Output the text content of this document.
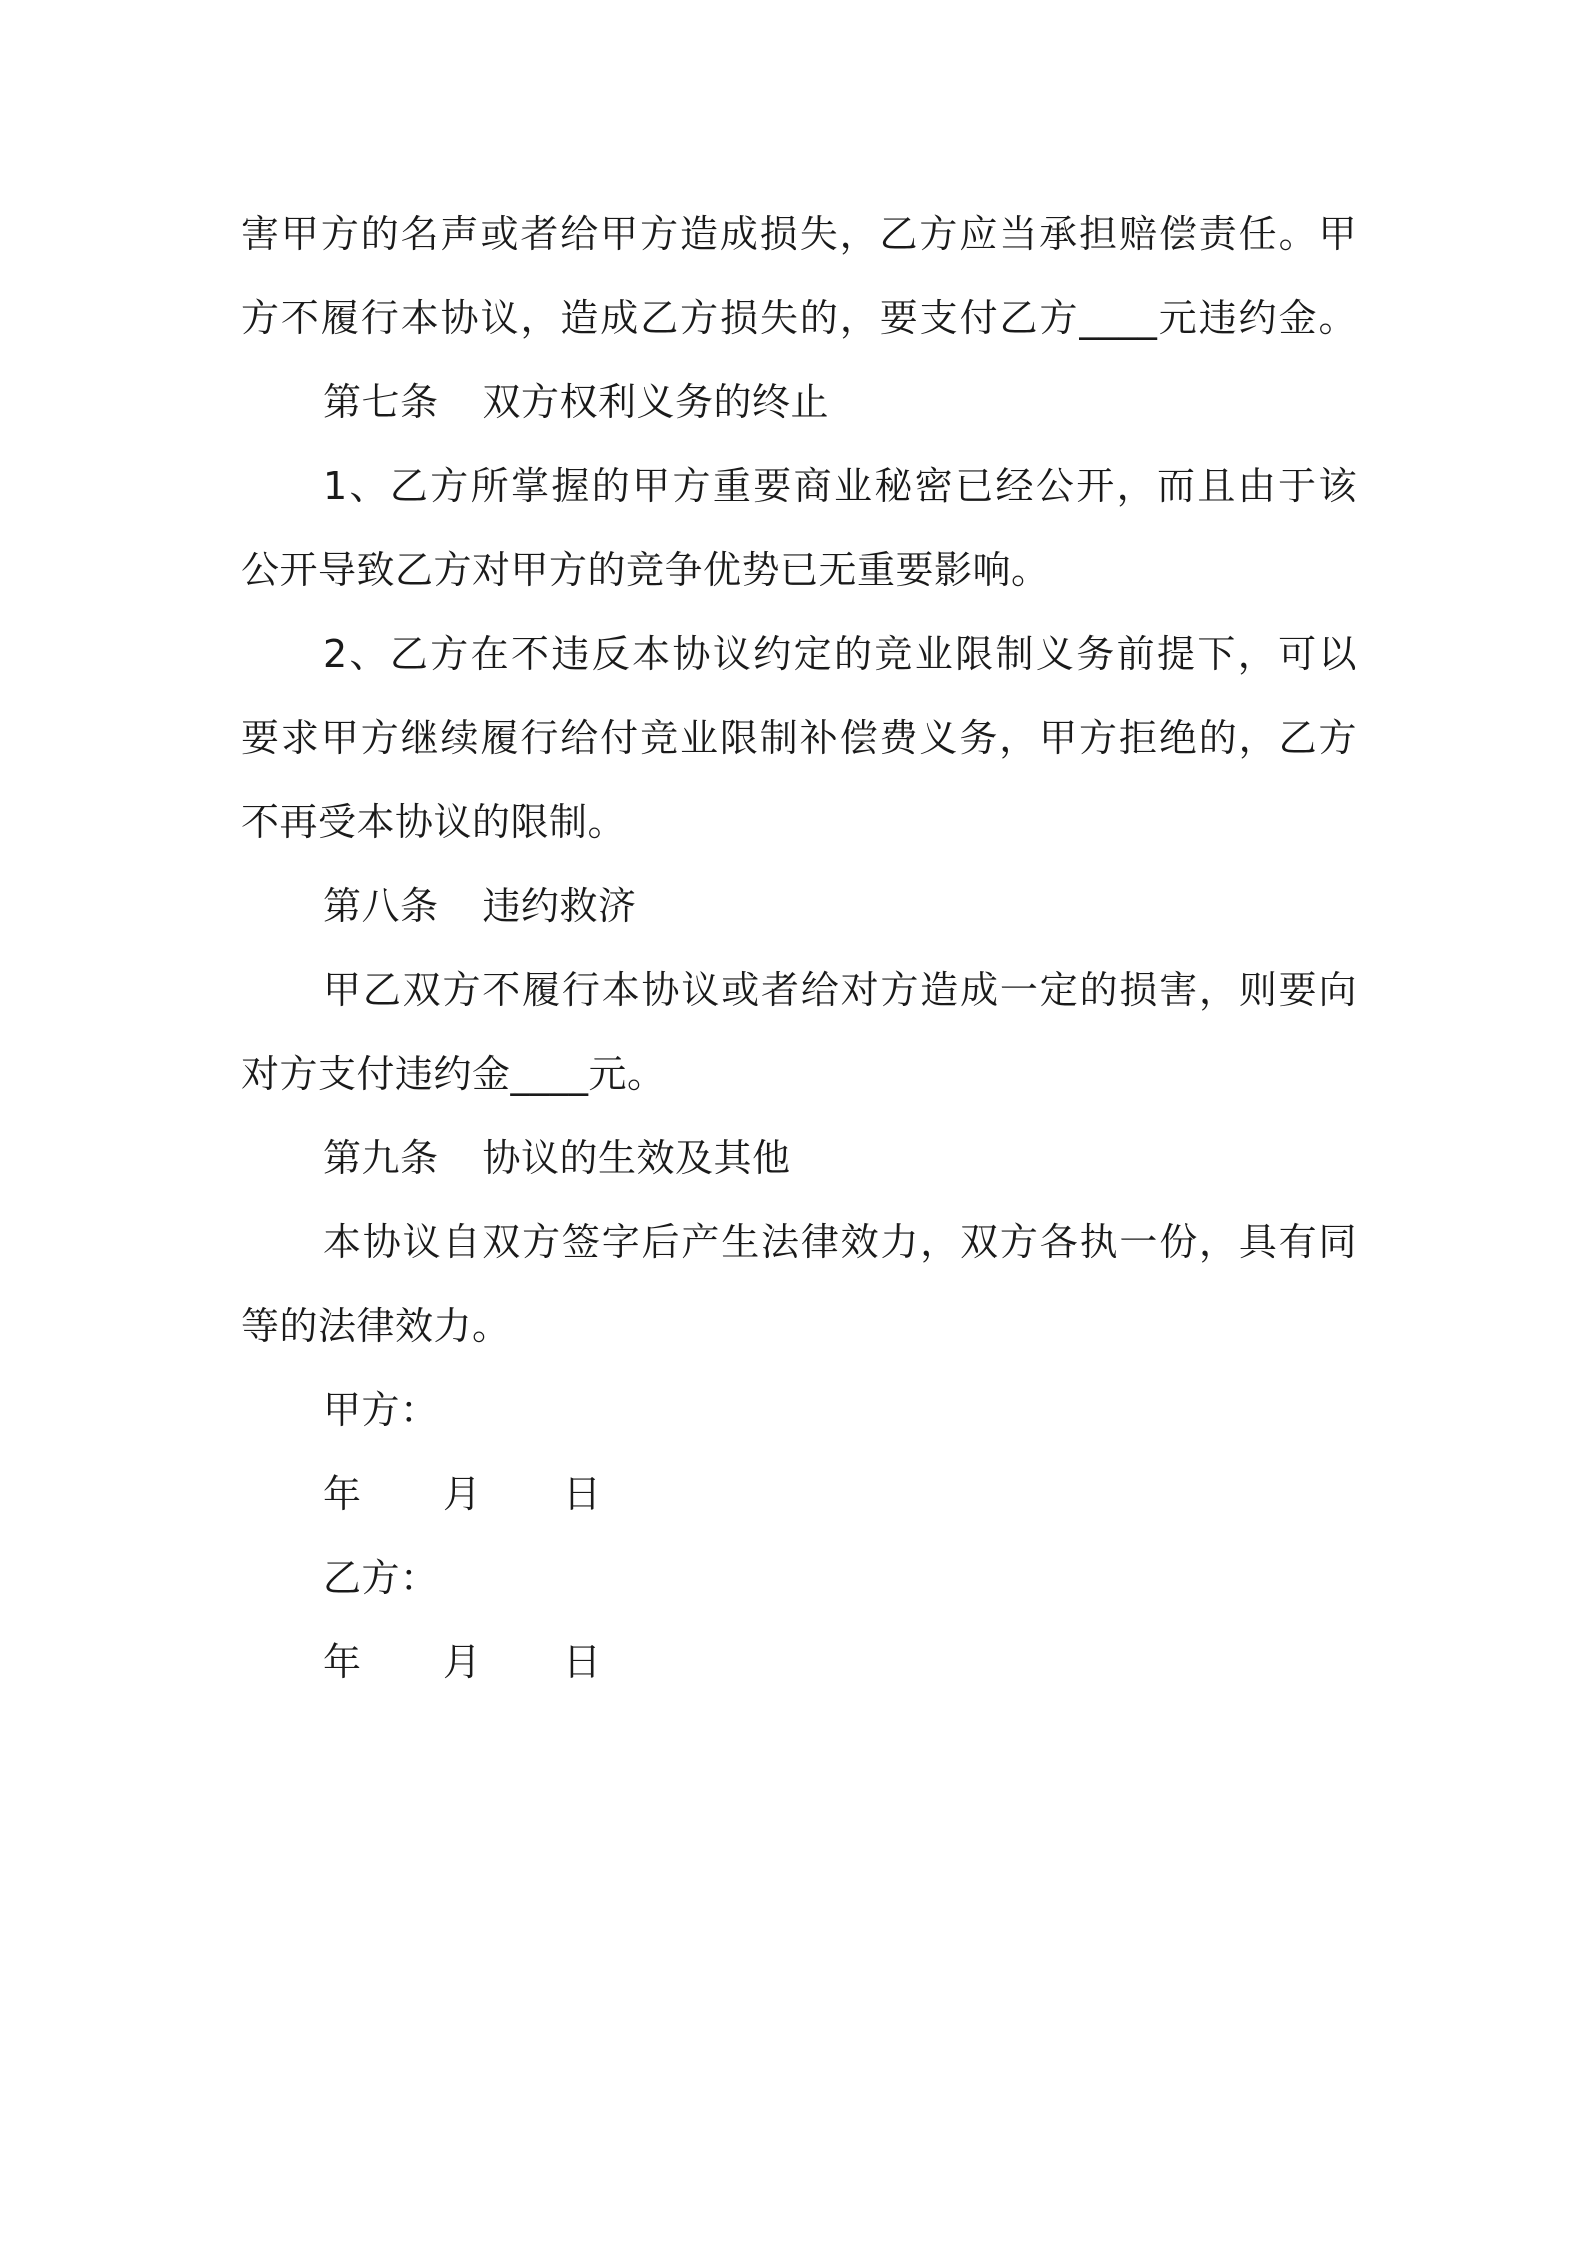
害甲方的名声或者给甲方造成损失，乙方应当承担赔偿责任。甲
方不履行本协议，造成乙方损失的，要支付乙方____元违约金。
第七条 双方权利义务的终止
1、乙方所掌握的甲方重要商业秘密已经公开，而且由于该
公开导致乙方对甲方的竞争优势已无重要影响。
2、乙方在不违反本协议约定的竞业限制义务前提下，可以
要求甲方继续履行给付竞业限制补偿费义务，甲方拒绝的，乙方
不再受本协议的限制。
第八条 违约救济
甲乙双方不履行本协议或者给对方造成一定的损害，则要向
对方支付违约金____元。
第九条 协议的生效及其他
本协议自双方签字后产生法律效力，双方各执一份，具有同
等的法律效力。
甲方：
年 月 日
乙方：
年 月 日
